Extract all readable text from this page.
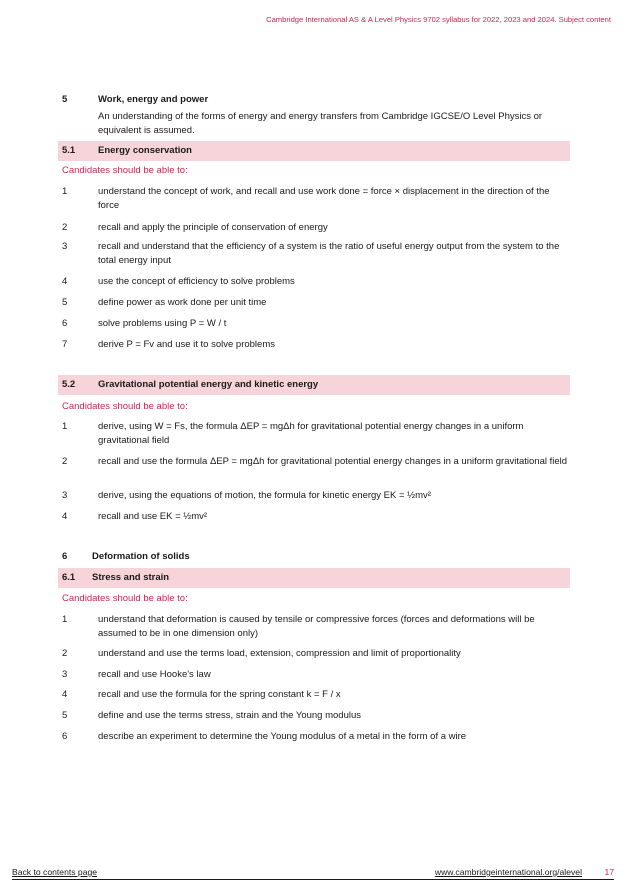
Cambridge International AS & A Level Physics 9702 syllabus for 2022, 2023 and 2024. Subject content
5	Work, energy and power
An understanding of the forms of energy and energy transfers from Cambridge IGCSE/O Level Physics or equivalent is assumed.
5.1 Energy conservation
Candidates should be able to:
1	understand the concept of work, and recall and use work done = force × displacement in the direction of the force
2	recall and apply the principle of conservation of energy
3	recall and understand that the efficiency of a system is the ratio of useful energy output from the system to the total energy input
4	use the concept of efficiency to solve problems
5	define power as work done per unit time
6	solve problems using P = W / t
7	derive P = Fv and use it to solve problems
5.2 Gravitational potential energy and kinetic energy
Candidates should be able to:
1	derive, using W = Fs, the formula ΔEP = mgΔh for gravitational potential energy changes in a uniform gravitational field
2	recall and use the formula ΔEP = mgΔh for gravitational potential energy changes in a uniform gravitational field
3	derive, using the equations of motion, the formula for kinetic energy EK = ½mv²
4	recall and use EK = ½mv²
6	Deformation of solids
6.1 Stress and strain
Candidates should be able to:
1	understand that deformation is caused by tensile or compressive forces (forces and deformations will be assumed to be in one dimension only)
2	understand and use the terms load, extension, compression and limit of proportionality
3	recall and use Hooke's law
4	recall and use the formula for the spring constant k = F / x
5	define and use the terms stress, strain and the Young modulus
6	describe an experiment to determine the Young modulus of a metal in the form of a wire
Back to contents page	www.cambridgeinternational.org/alevel	17
